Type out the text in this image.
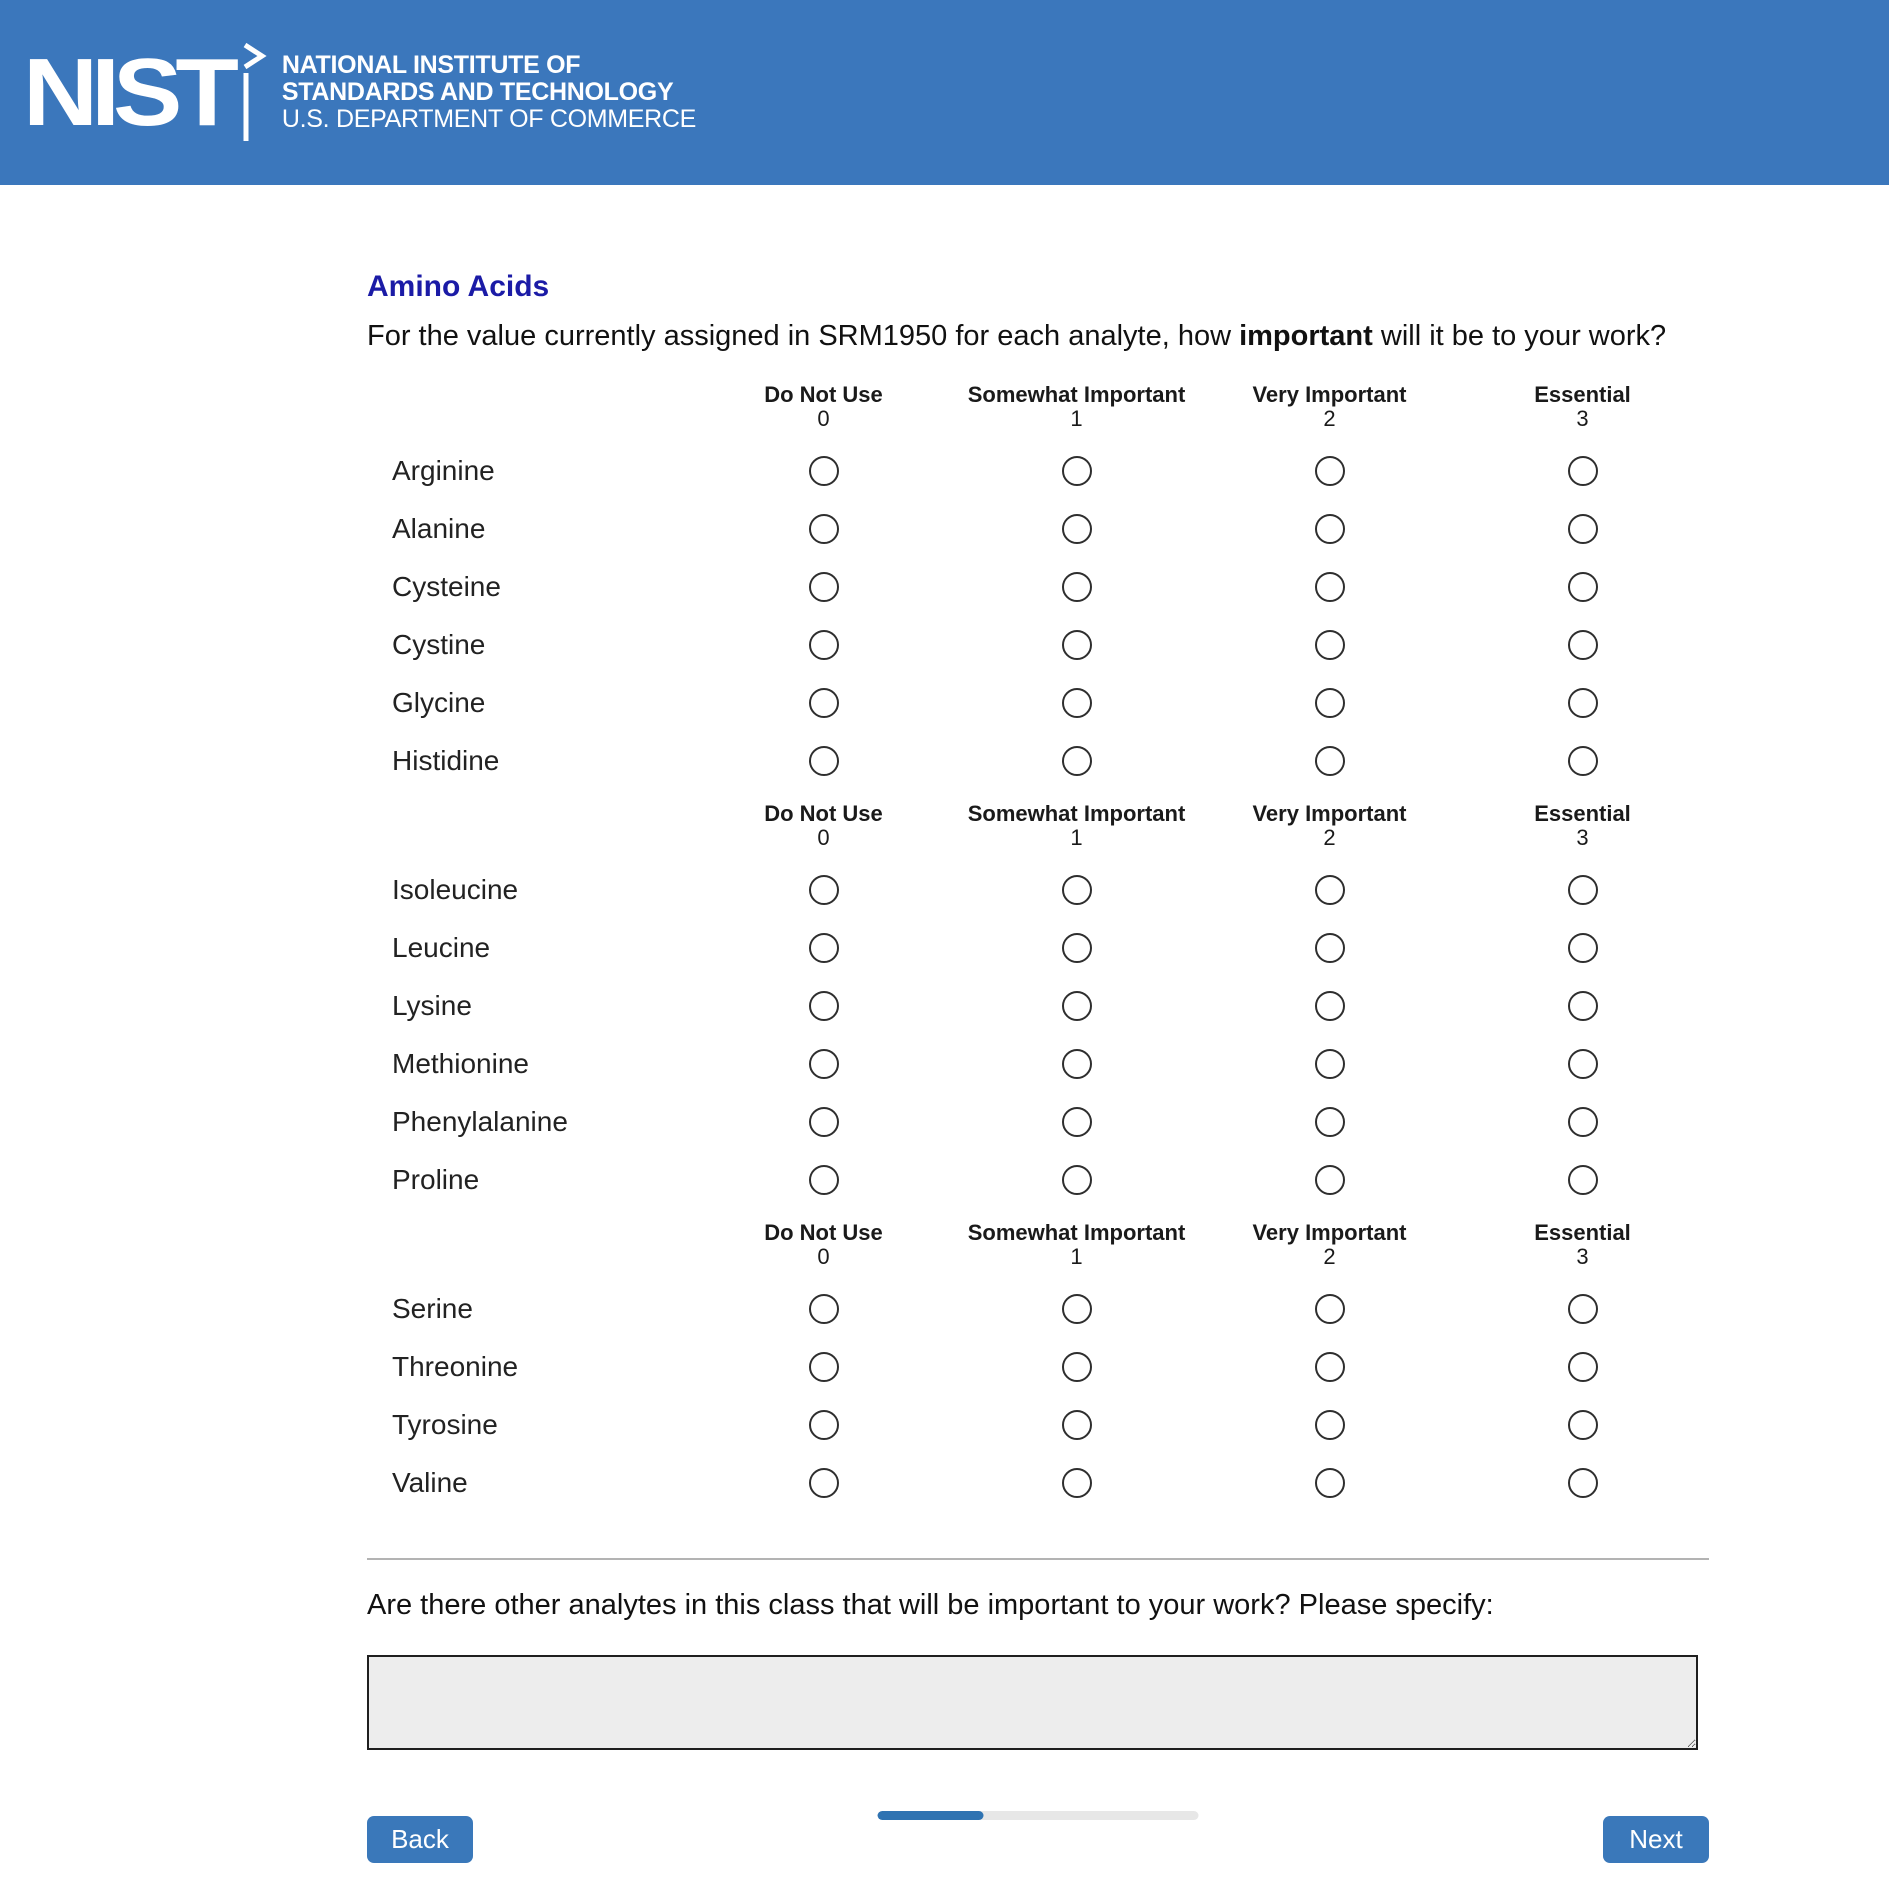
NIST NATIONAL INSTITUTE OF
STANDARDS AND TECHNOLOGY
U.S. DEPARTMENT OF COMMERCE
Amino Acids
For the value currently assigned in SRM1950 for each analyte, how important will it be to your work?
Do Not Use
0
Somewhat Important
1
Very Important
2
Essential
3
Arginine
Alanine
Cysteine
Cystine
Glycine
Histidine
Do Not Use
0
Somewhat Important
1
Very Important
2
Essential
3
Isoleucine
Leucine
Lysine
Methionine
Phenylalanine
Proline
Do Not Use
0
Somewhat Important
1
Very Important
2
Essential
3
Serine
Threonine
Tyrosine
Valine
Are there other analytes in this class that will be important to your work? Please specify:
Back	Next
